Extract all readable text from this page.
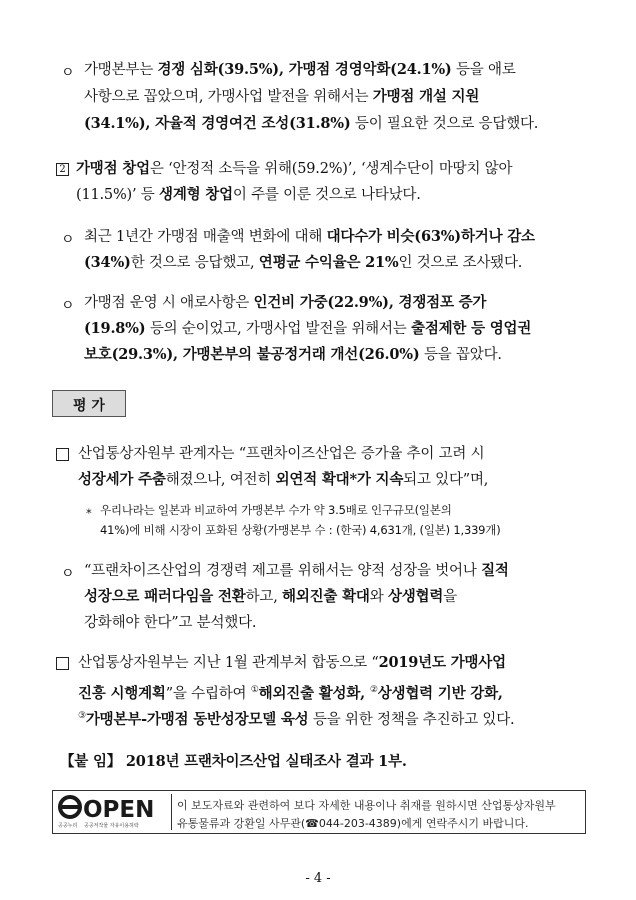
ㅇ 가맹본부는 경쟁 심화(39.5%), 가맹점 경영악화(24.1%) 등을 애로
사항으로 꼽았으며, 가맹사업 발전을 위해서는 가맹점 개설 지원
(34.1%), 자율적 경영여건 조성(31.8%) 등이 필요한 것으로 응답했다.
2 가맹점 창업은 ‘안정적 소득을 위해(59.2%)’, ‘생계수단이 마땅치 않아
(11.5%)’ 등 생계형 창업이 주를 이룬 것으로 나타났다.
ㅇ 최근 1년간 가맹점 매출액 변화에 대해 대다수가 비슷(63%)하거나 감소
(34%)한 것으로 응답했고, 연평균 수익율은 21%인 것으로 조사됐다.
ㅇ 가맹점 운영 시 애로사항은 인건비 가중(22.9%), 경쟁점포 증가
(19.8%) 등의 순이었고, 가맹사업 발전을 위해서는 출점제한 등 영업권
보호(29.3%), 가맹본부의 불공정거래 개선(26.0%) 등을 꼽았다.
평 가
산업통상자원부 관계자는 “프랜차이즈산업은 증가율 추이 고려 시
성장세가 주춤해졌으나, 여전히 외연적 확대*가 지속되고 있다”며,
* 우리나라는 일본과 비교하여 가맹본부 수가 약 3.5배로 인구규모(일본의
41%)에 비해 시장이 포화된 상황(가맹본부 수 : (한국) 4,631개, (일본) 1,339개)
ㅇ “프랜차이즈산업의 경쟁력 제고를 위해서는 양적 성장을 벗어나 질적
성장으로 패러다임을 전환하고, 해외진출 확대와 상생협력을
강화해야 한다”고 분석했다.
산업통상자원부는 지난 1월 관계부처 합동으로 “2019년도 가맹사업
진흥 시행계획”을 수립하여 ①해외진출 활성화, ②상생협력 기반 강화,
③가맹본부-가맹점 동반성장모델 육성 등을 위한 정책을 추진하고 있다.
【붙 임】 2018년 프랜차이즈산업 실태조사 결과 1부.
OPEN
공공누리 공공저작물 자유이용허락
이 보도자료와 관련하여 보다 자세한 내용이나 취재를 원하시면 산업통상자원부
유통물류과 강환일 사무관(☎044-203-4389)에게 연락주시기 바랍니다.
- 4 -
